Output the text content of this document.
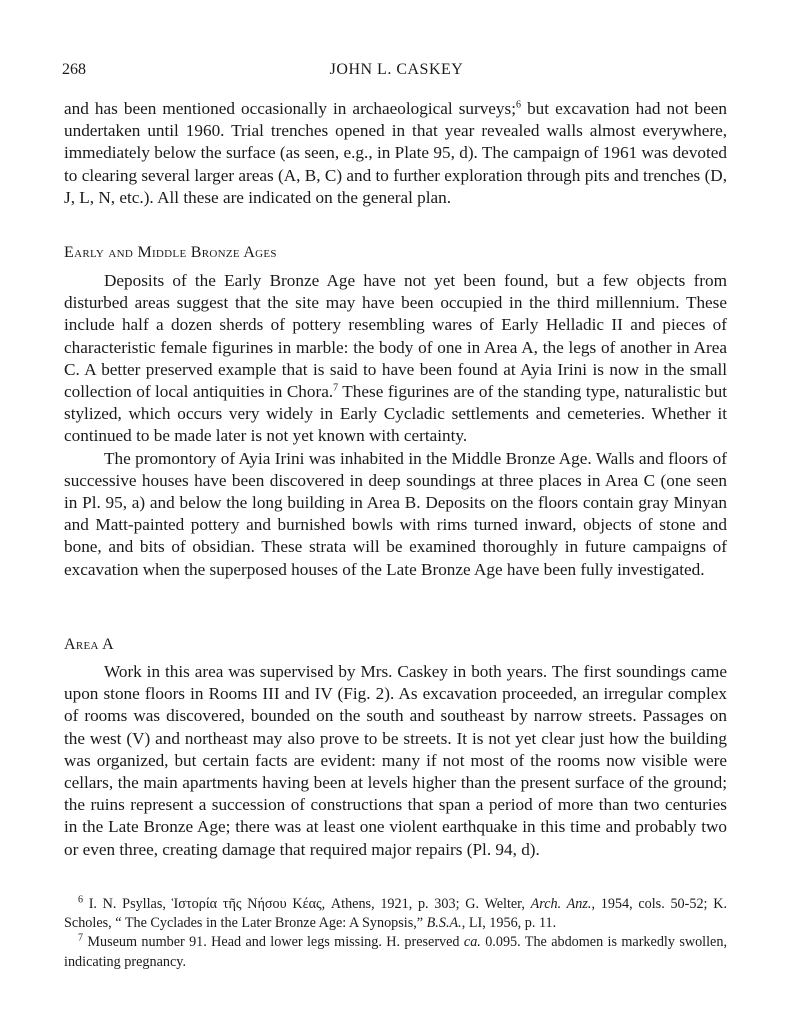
268	JOHN L. CASKEY

and has been mentioned occasionally in archaeological surveys;$^6$ but excavation had not been undertaken until 1960. Trial trenches opened in that year revealed walls almost everywhere, immediately below the surface (as seen, e.g., in Plate 95, d). The campaign of 1961 was devoted to clearing several larger areas (A, B, C) and to further exploration through pits and trenches (D, J, L, N, etc.). All these are indicated on the general plan.

Early and Middle Bronze Ages

Deposits of the Early Bronze Age have not yet been found, but a few objects from disturbed areas suggest that the site may have been occupied in the third millennium. These include half a dozen sherds of pottery resembling wares of Early Helladic II and pieces of characteristic female figurines in marble: the body of one in Area A, the legs of another in Area C. A better preserved example that is said to have been found at Ayia Irini is now in the small collection of local antiquities in Chora.$^7$ These figurines are of the standing type, naturalistic but stylized, which occurs very widely in Early Cycladic settlements and cemeteries. Whether it continued to be made later is not yet known with certainty.

The promontory of Ayia Irini was inhabited in the Middle Bronze Age. Walls and floors of successive houses have been discovered in deep soundings at three places in Area C (one seen in Pl. 95, a) and below the long building in Area B. Deposits on the floors contain gray Minyan and Matt-painted pottery and burnished bowls with rims turned inward, objects of stone and bone, and bits of obsidian. These strata will be examined thoroughly in future campaigns of excavation when the superposed houses of the Late Bronze Age have been fully investigated.

Area A

Work in this area was supervised by Mrs. Caskey in both years. The first soundings came upon stone floors in Rooms III and IV (Fig. 2). As excavation proceeded, an irregular complex of rooms was discovered, bounded on the south and southeast by narrow streets. Passages on the west (V) and northeast may also prove to be streets. It is not yet clear just how the building was organized, but certain facts are evident: many if not most of the rooms now visible were cellars, the main apartments having been at levels higher than the present surface of the ground; the ruins represent a succession of constructions that span a period of more than two centuries in the Late Bronze Age; there was at least one violent earthquake in this time and probably two or even three, creating damage that required major repairs (Pl. 94, d).

$^6$ I. N. Psyllas, Ἱστορία τῆς Νήσου Κέας, Athens, 1921, p. 303; G. Welter, Arch. Anz., 1954, cols. 50-52; K. Scholes, “ The Cyclades in the Later Bronze Age: A Synopsis,” B.S.A., LI, 1956, p. 11.

$^7$ Museum number 91. Head and lower legs missing. H. preserved ca. 0.095. The abdomen is markedly swollen, indicating pregnancy.
